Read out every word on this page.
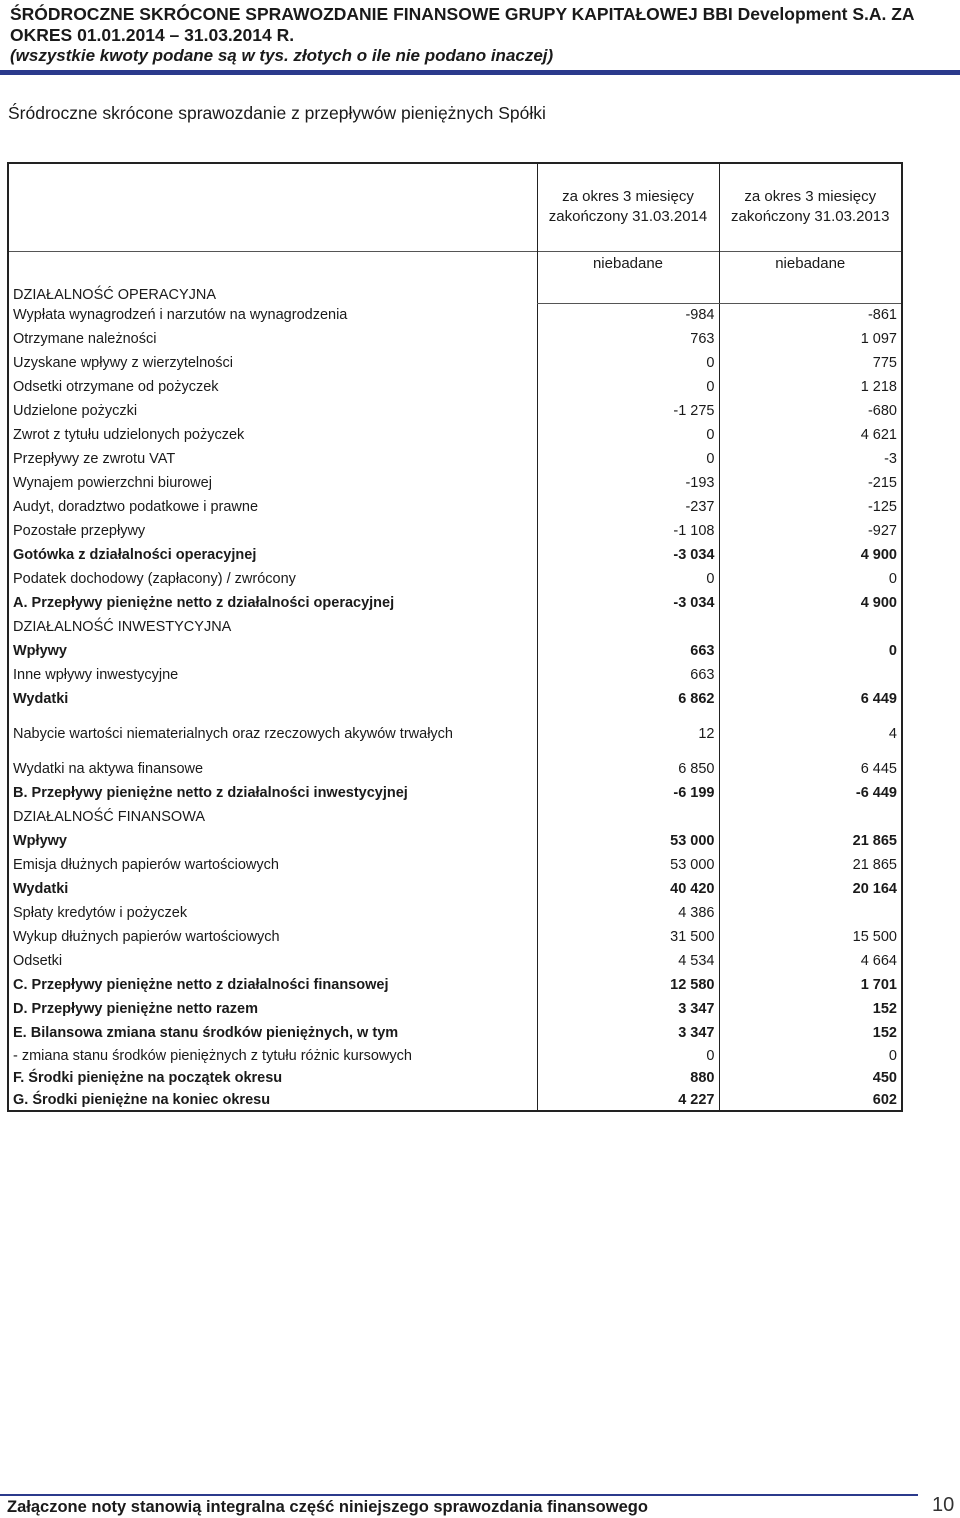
ŚRÓDROCZNE SKRÓCONE SPRAWOZDANIE FINANSOWE GRUPY KAPITAŁOWEJ BBI Development S.A. ZA
OKRES 01.01.2014 – 31.03.2014 R.
(wszystkie kwoty podane są w tys. złotych o ile nie podano inaczej)
Śródroczne skrócone sprawozdanie z przepływów pieniężnych Spółki
	za okres 3 miesięcy zakończony 31.03.2014	za okres 3 miesięcy zakończony 31.03.2013
	niebadane	niebadane
DZIAŁALNOŚĆ OPERACYJNA		
Wypłata wynagrodzeń i narzutów na wynagrodzenia	-984	-861
Otrzymane należności	763	1 097
Uzyskane wpływy z wierzytelności	0	775
Odsetki otrzymane od pożyczek	0	1 218
Udzielone pożyczki	-1 275	-680
Zwrot z tytułu udzielonych pożyczek	0	4 621
Przepływy ze zwrotu VAT	0	-3
Wynajem powierzchni biurowej	-193	-215
Audyt, doradztwo podatkowe i prawne	-237	-125
Pozostałe przepływy	-1 108	-927
Gotówka z działalności operacyjnej	-3 034	4 900
Podatek dochodowy (zapłacony) / zwrócony	0	0
A. Przepływy pieniężne netto z działalności operacyjnej	-3 034	4 900
DZIAŁALNOŚĆ INWESTYCYJNA		
Wpływy	663	0
Inne wpływy inwestycyjne	663	
Wydatki	6 862	6 449
Nabycie wartości niematerialnych oraz rzeczowych akywów trwałych	12	4
Wydatki na aktywa finansowe	6 850	6 445
B. Przepływy pieniężne netto z działalności inwestycyjnej	-6 199	-6 449
DZIAŁALNOŚĆ FINANSOWA		
Wpływy	53 000	21 865
Emisja dłużnych papierów wartościowych	53 000	21 865
Wydatki	40 420	20 164
Spłaty kredytów i pożyczek	4 386	
Wykup dłużnych papierów wartościowych	31 500	15 500
Odsetki	4 534	4 664
C. Przepływy pieniężne netto z działalności finansowej	12 580	1 701
D. Przepływy pieniężne netto razem	3 347	152
E. Bilansowa zmiana stanu środków pieniężnych, w tym	3 347	152
- zmiana stanu środków pieniężnych z tytułu różnic kursowych	0	0
F. Środki pieniężne na początek okresu	880	450
G. Środki pieniężne na koniec okresu	4 227	602
Załączone noty stanowią integralna część niniejszego sprawozdania finansowego	10
